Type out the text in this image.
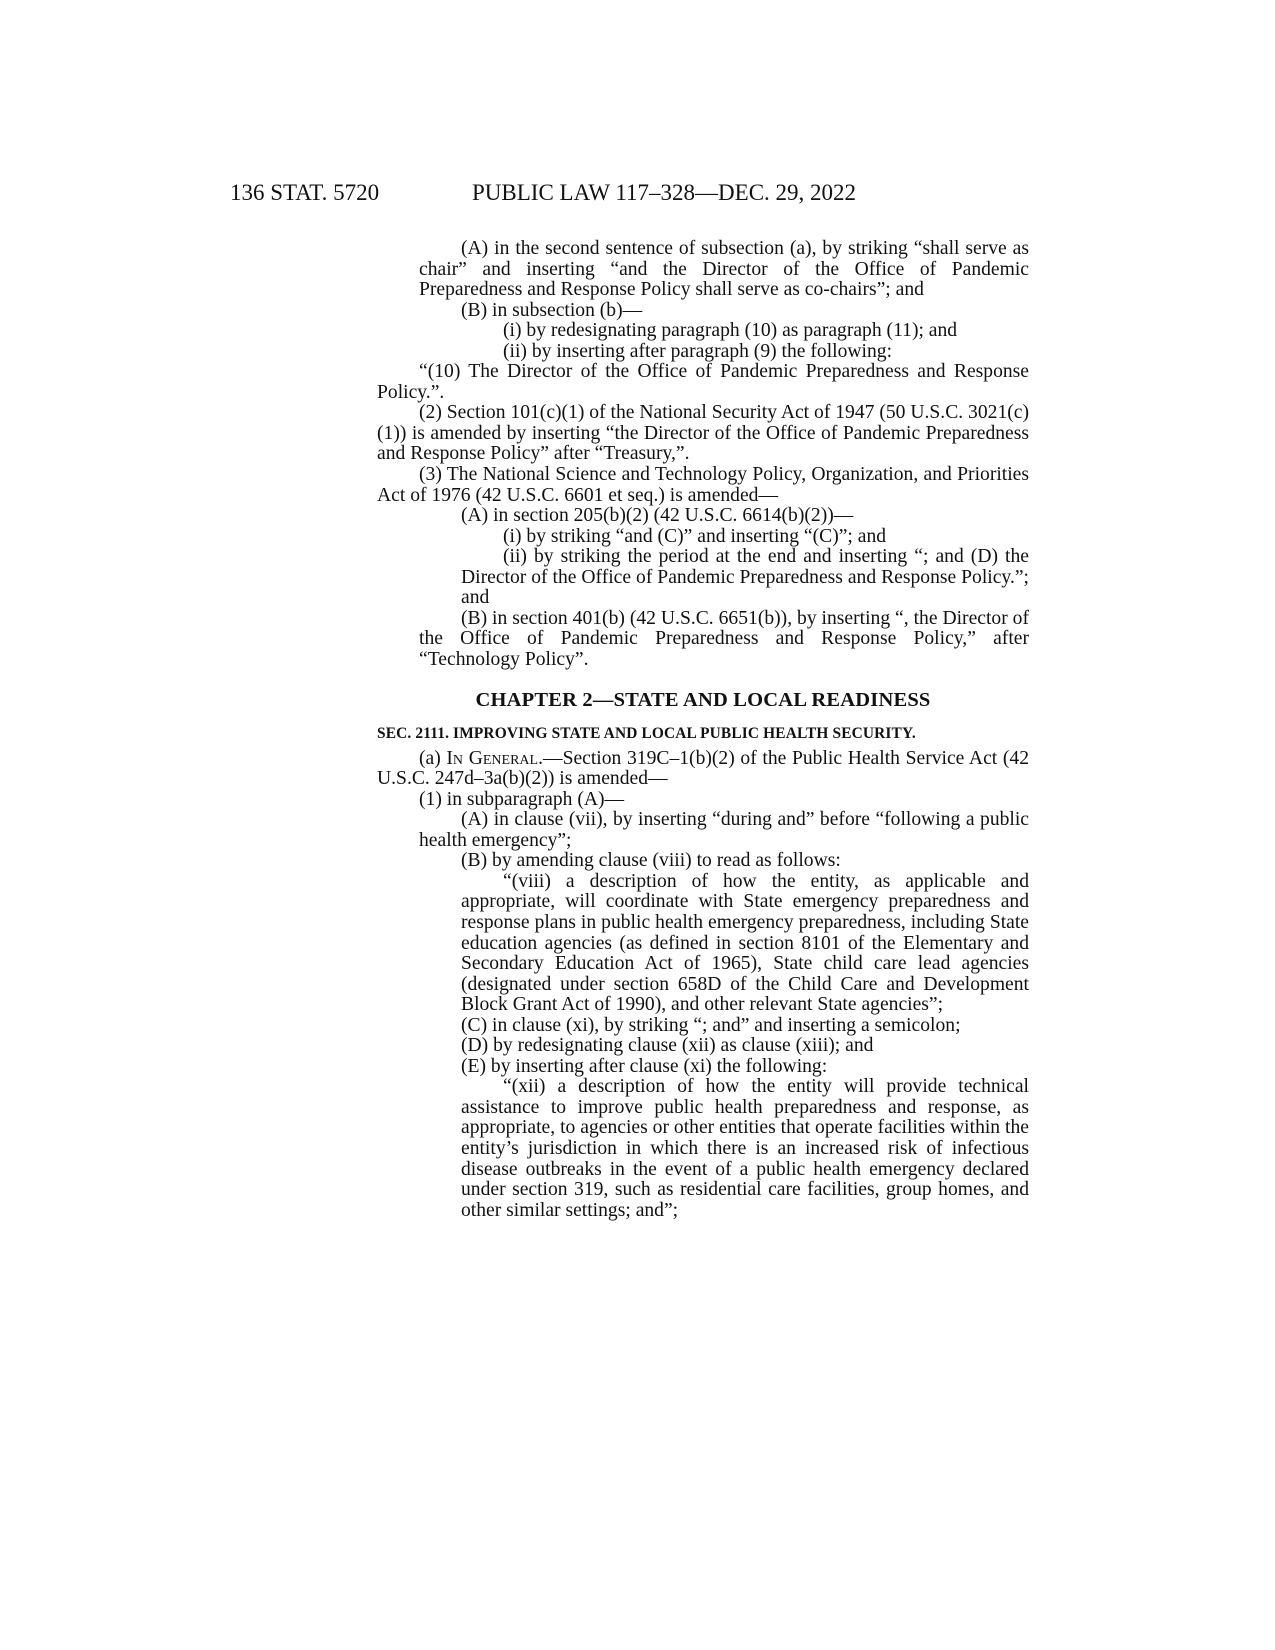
136 STAT. 5720	PUBLIC LAW 117–328—DEC. 29, 2022

(A) in the second sentence of subsection (a), by striking “shall serve as chair” and inserting “and the Director of the Office of Pandemic Preparedness and Response Policy shall serve as co-chairs”; and

(B) in subsection (b)—

(i) by redesignating paragraph (10) as paragraph (11); and

(ii) by inserting after paragraph (9) the following:

“(10) The Director of the Office of Pandemic Preparedness and Response Policy.”.

(2) Section 101(c)(1) of the National Security Act of 1947 (50 U.S.C. 3021(c)(1)) is amended by inserting “the Director of the Office of Pandemic Preparedness and Response Policy” after “Treasury,”.

(3) The National Science and Technology Policy, Organization, and Priorities Act of 1976 (42 U.S.C. 6601 et seq.) is amended—

(A) in section 205(b)(2) (42 U.S.C. 6614(b)(2))—

(i) by striking “and (C)” and inserting “(C)”; and

(ii) by striking the period at the end and inserting “; and (D) the Director of the Office of Pandemic Preparedness and Response Policy.”; and

(B) in section 401(b) (42 U.S.C. 6651(b)), by inserting “, the Director of the Office of Pandemic Preparedness and Response Policy,” after “Technology Policy”.

CHAPTER 2—STATE AND LOCAL READINESS

SEC. 2111. IMPROVING STATE AND LOCAL PUBLIC HEALTH SECURITY.

(a) In General.—Section 319C–1(b)(2) of the Public Health Service Act (42 U.S.C. 247d–3a(b)(2)) is amended—

(1) in subparagraph (A)—

(A) in clause (vii), by inserting “during and” before “following a public health emergency”;

(B) by amending clause (viii) to read as follows:

“(viii) a description of how the entity, as applicable and appropriate, will coordinate with State emergency preparedness and response plans in public health emergency preparedness, including State education agencies (as defined in section 8101 of the Elementary and Secondary Education Act of 1965), State child care lead agencies (designated under section 658D of the Child Care and Development Block Grant Act of 1990), and other relevant State agencies”;

(C) in clause (xi), by striking “; and” and inserting a semicolon;

(D) by redesignating clause (xii) as clause (xiii); and

(E) by inserting after clause (xi) the following:

“(xii) a description of how the entity will provide technical assistance to improve public health preparedness and response, as appropriate, to agencies or other entities that operate facilities within the entity’s jurisdiction in which there is an increased risk of infectious disease outbreaks in the event of a public health emergency declared under section 319, such as residential care facilities, group homes, and other similar settings; and”;
